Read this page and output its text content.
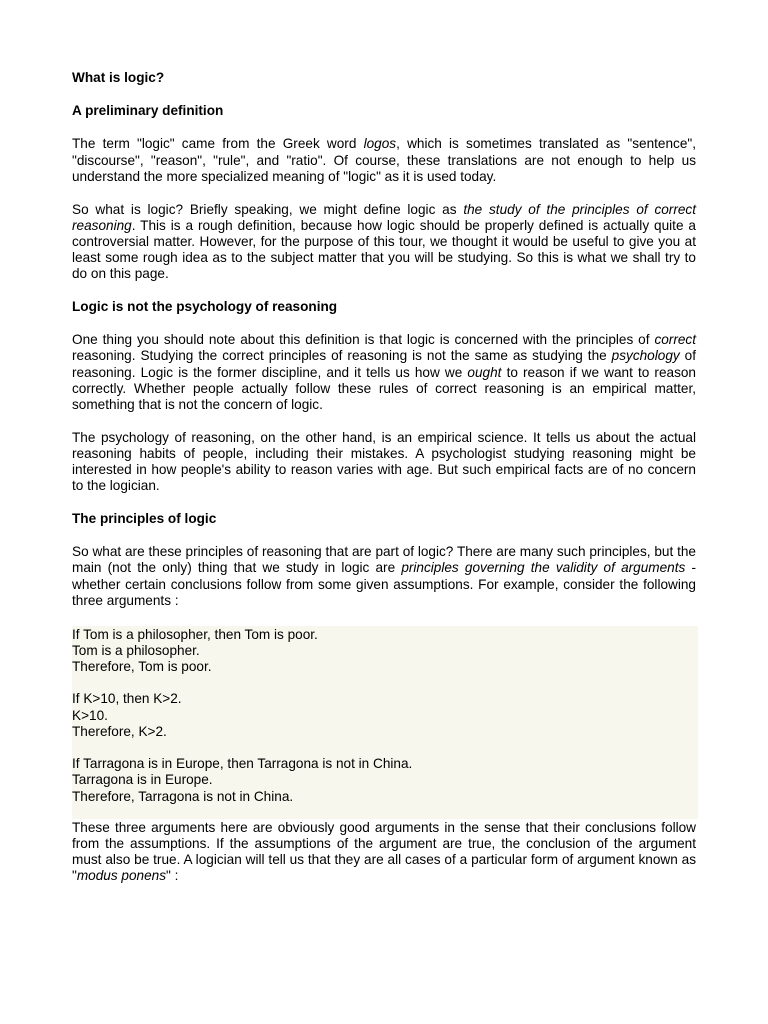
What is logic?
A preliminary definition

The term "logic" came from the Greek word logos, which is sometimes translated as "sentence", "discourse", "reason", "rule", and "ratio". Of course, these translations are not enough to help us understand the more specialized meaning of "logic" as it is used today.

So what is logic? Briefly speaking, we might define logic as the study of the principles of correct reasoning. This is a rough definition, because how logic should be properly defined is actually quite a controversial matter. However, for the purpose of this tour, we thought it would be useful to give you at least some rough idea as to the subject matter that you will be studying. So this is what we shall try to do on this page.

Logic is not the psychology of reasoning

One thing you should note about this definition is that logic is concerned with the principles of correct reasoning. Studying the correct principles of reasoning is not the same as studying the psychology of reasoning. Logic is the former discipline, and it tells us how we ought to reason if we want to reason correctly. Whether people actually follow these rules of correct reasoning is an empirical matter, something that is not the concern of logic.

The psychology of reasoning, on the other hand, is an empirical science. It tells us about the actual reasoning habits of people, including their mistakes. A psychologist studying reasoning might be interested in how people's ability to reason varies with age. But such empirical facts are of no concern to the logician.

The principles of logic

So what are these principles of reasoning that are part of logic? There are many such principles, but the main (not the only) thing that we study in logic are principles governing the validity of arguments - whether certain conclusions follow from some given assumptions. For example, consider the following three arguments :

If Tom is a philosopher, then Tom is poor.
Tom is a philosopher.
Therefore, Tom is poor.
If K>10, then K>2.
K>10.
Therefore, K>2.
If Tarragona is in Europe, then Tarragona is not in China.
Tarragona is in Europe.
Therefore, Tarragona is not in China.

These three arguments here are obviously good arguments in the sense that their conclusions follow from the assumptions. If the assumptions of the argument are true, the conclusion of the argument must also be true. A logician will tell us that they are all cases of a particular form of argument known as "modus ponens" :
